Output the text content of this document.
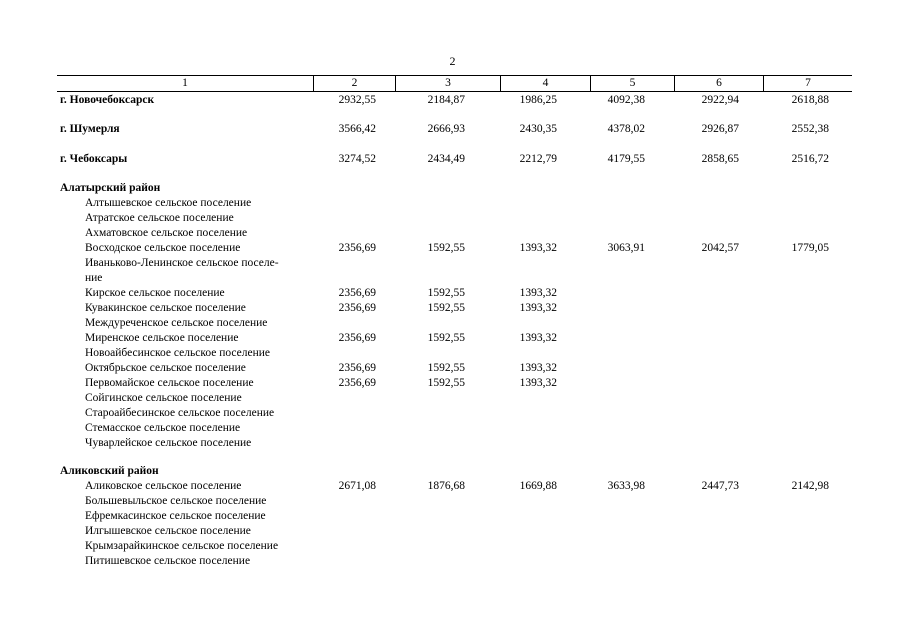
2
1	2	3	4	5	6	7
г. Новочебоксарск	2932,55	2184,87	1986,25	4092,38	2922,94	2618,88
г. Шумерля	3566,42	2666,93	2430,35	4378,02	2926,87	2552,38
г. Чебоксары	3274,52	2434,49	2212,79	4179,55	2858,65	2516,72
Алатырский район
Алтышевское сельское поселение
Атратское сельское поселение
Ахматовское сельское поселение
Восходское сельское поселение	2356,69	1592,55	1393,32	3063,91	2042,57	1779,05
Иваньково-Ленинское сельское поселе-
ние
Кирское сельское поселение	2356,69	1592,55	1393,32
Кувакинское сельское поселение	2356,69	1592,55	1393,32
Междуреченское сельское поселение
Миренское сельское поселение	2356,69	1592,55	1393,32
Новоайбесинское сельское поселение
Октябрьское сельское поселение	2356,69	1592,55	1393,32
Первомайское сельское поселение	2356,69	1592,55	1393,32
Сойгинское сельское поселение
Староайбесинское сельское поселение
Стемасское сельское поселение
Чуварлейское сельское поселение
Аликовский район
Аликовское сельское поселение	2671,08	1876,68	1669,88	3633,98	2447,73	2142,98
Большевыльское сельское поселение
Ефремкасинское сельское поселение
Илгышевское сельское поселение
Крымзарайкинское сельское поселение
Питишевское сельское поселение
